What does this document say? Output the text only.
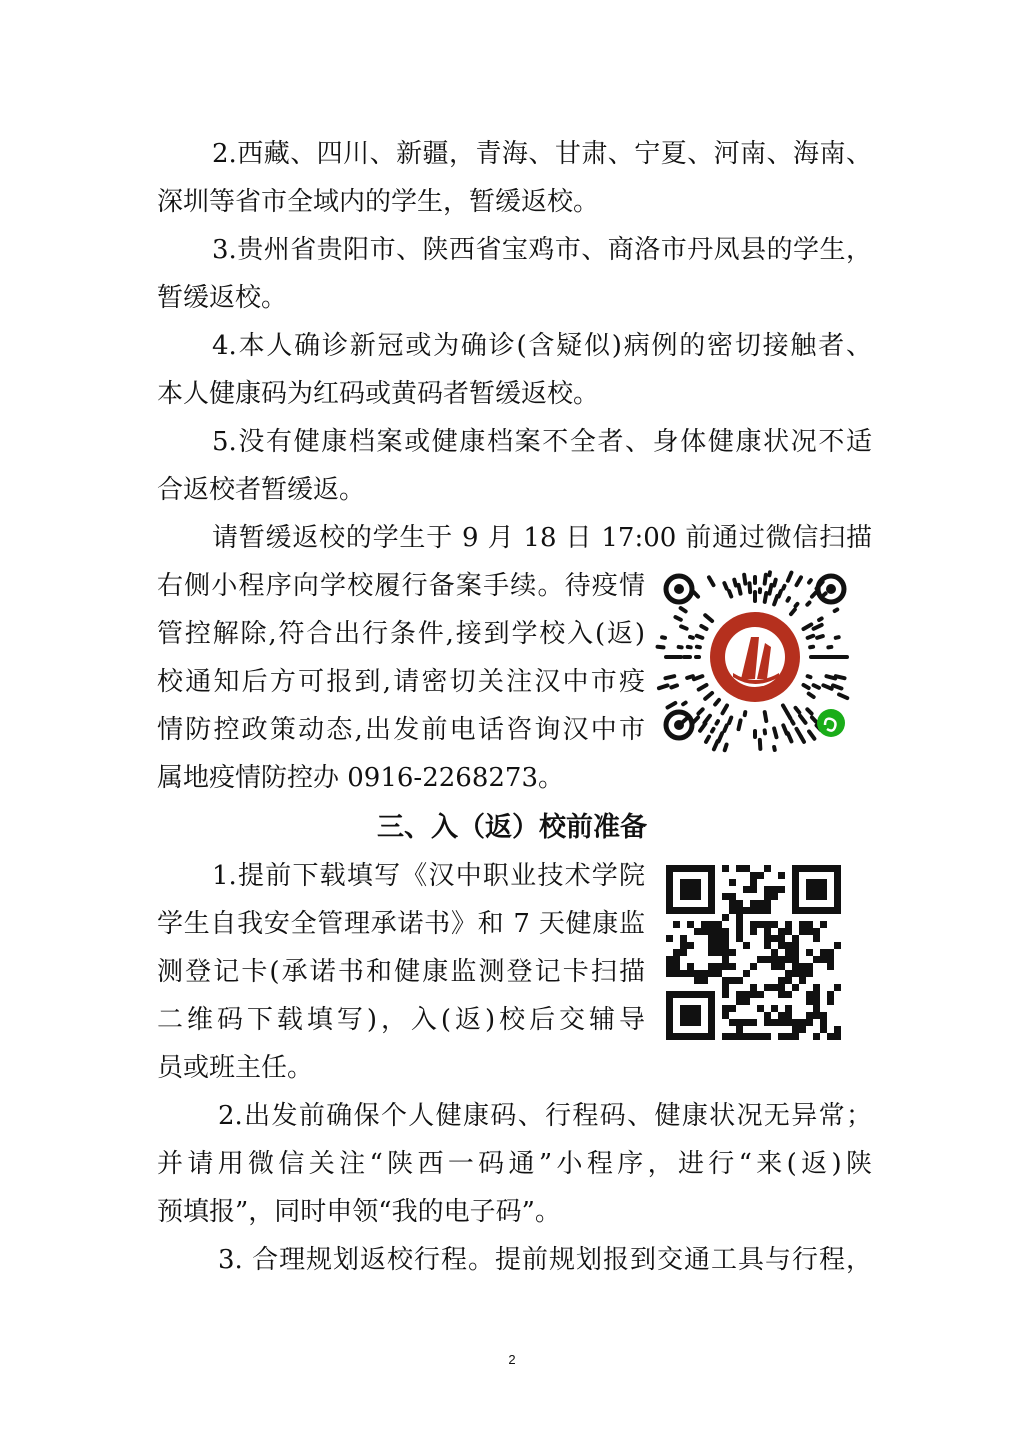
2.西藏、四川、新疆，青海、甘肃、宁夏、河南、海南、
深圳等省市全域内的学生，暂缓返校。
3.贵州省贵阳市、陕西省宝鸡市、商洛市丹凤县的学生，
暂缓返校。
4.本人确诊新冠或为确诊(含疑似)病例的密切接触者、
本人健康码为红码或黄码者暂缓返校。
5.没有健康档案或健康档案不全者、身体健康状况不适
合返校者暂缓返。
请暂缓返校的学生于 9 月 18 日 17:00 前通过微信扫描
右侧小程序向学校履行备案手续。待疫情
管控解除,符合出行条件,接到学校入(返)
校通知后方可报到,请密切关注汉中市疫
情防控政策动态,出发前电话咨询汉中市
属地疫情防控办 0916-2268273。
三、入（返）校前准备
1.提前下载填写《汉中职业技术学院
学生自我安全管理承诺书》和 7 天健康监
测登记卡(承诺书和健康监测登记卡扫描
二维码下载填写)，入(返)校后交辅导
员或班主任。
2.出发前确保个人健康码、行程码、健康状况无异常；
并请用微信关注“陕西一码通”小程序，进行“来(返)陕
预填报”，同时申领“我的电子码”。
3. 合理规划返校行程。提前规划报到交通工具与行程，
2
